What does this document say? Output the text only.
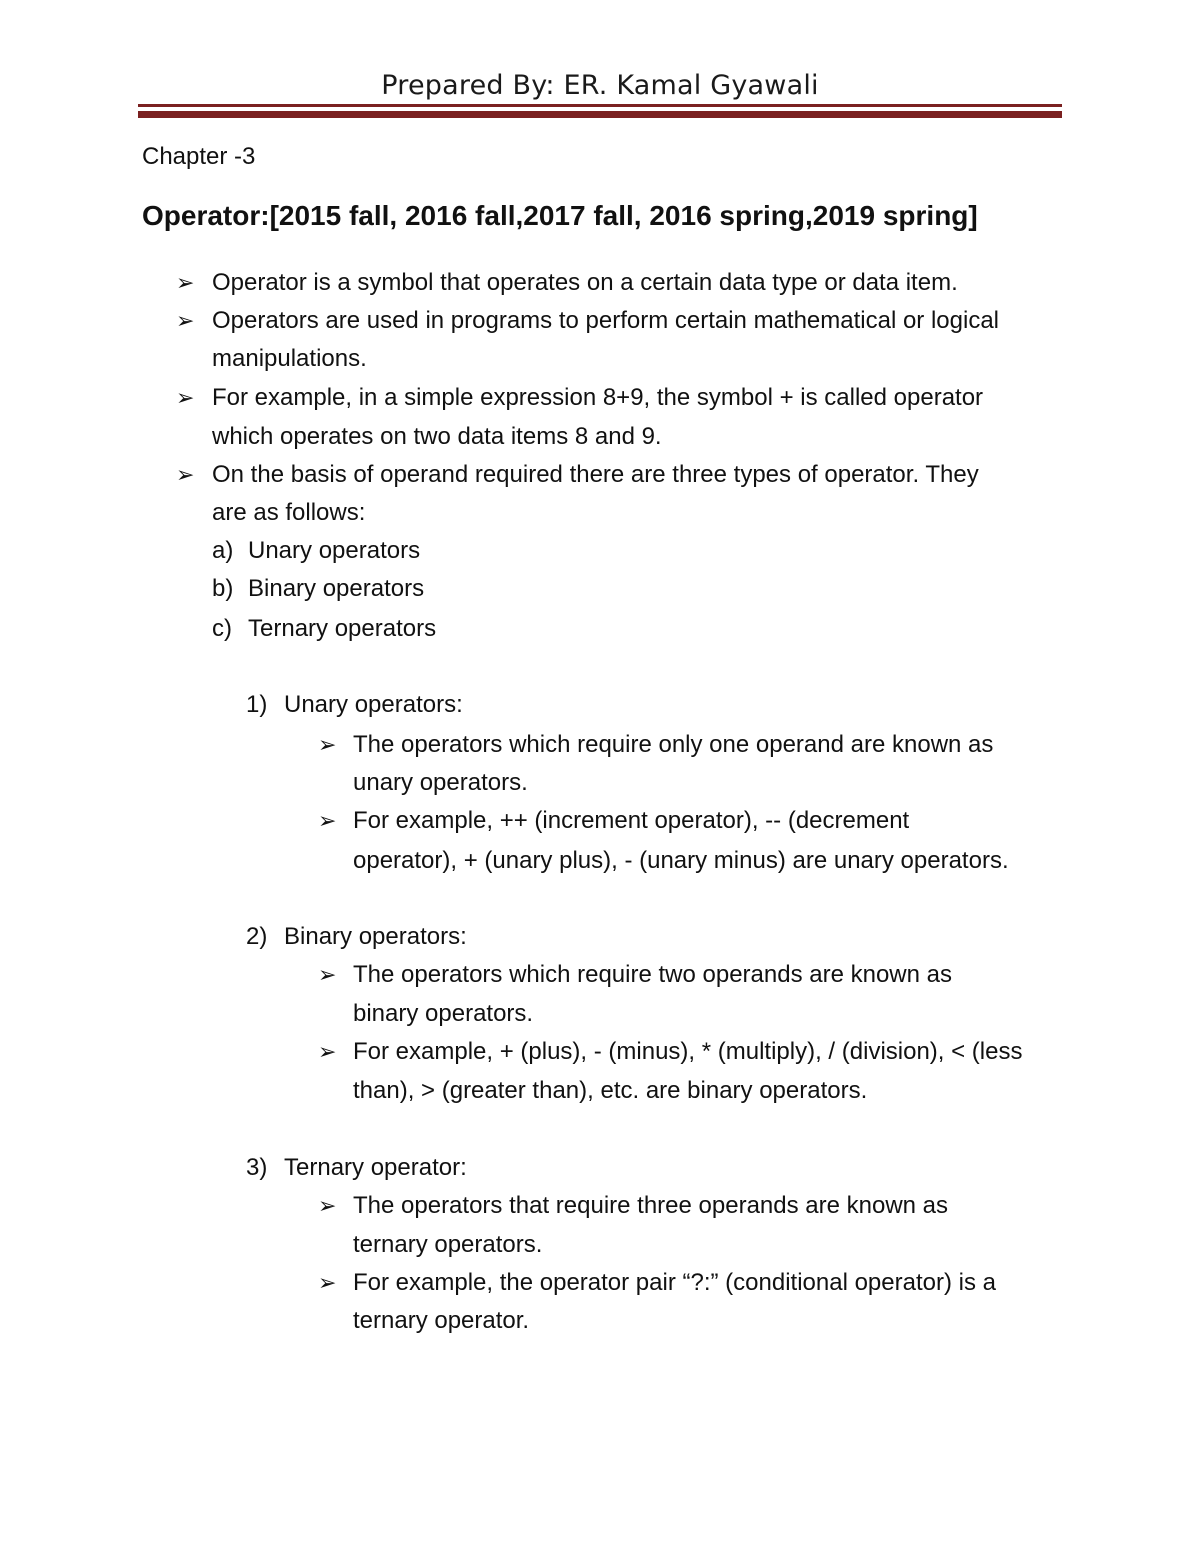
Prepared By: ER. Kamal Gyawali
Chapter -3
Operator:[2015 fall, 2016 fall,2017 fall, 2016 spring,2019 spring]
➢ Operator is a symbol that operates on a certain data type or data item.
➢ Operators are used in programs to perform certain mathematical or logical
manipulations.
➢ For example, in a simple expression 8+9, the symbol + is called operator
which operates on two data items 8 and 9.
➢ On the basis of operand required there are three types of operator. They
are as follows:
a) Unary operators
b) Binary operators
c) Ternary operators
1) Unary operators:
➢ The operators which require only one operand are known as
unary operators.
➢ For example, ++ (increment operator), -- (decrement
operator), + (unary plus), - (unary minus) are unary operators.
2) Binary operators:
➢ The operators which require two operands are known as
binary operators.
➢ For example, + (plus), - (minus), * (multiply), / (division), < (less
than), > (greater than), etc. are binary operators.
3) Ternary operator:
➢ The operators that require three operands are known as
ternary operators.
➢ For example, the operator pair “?:” (conditional operator) is a
ternary operator.
